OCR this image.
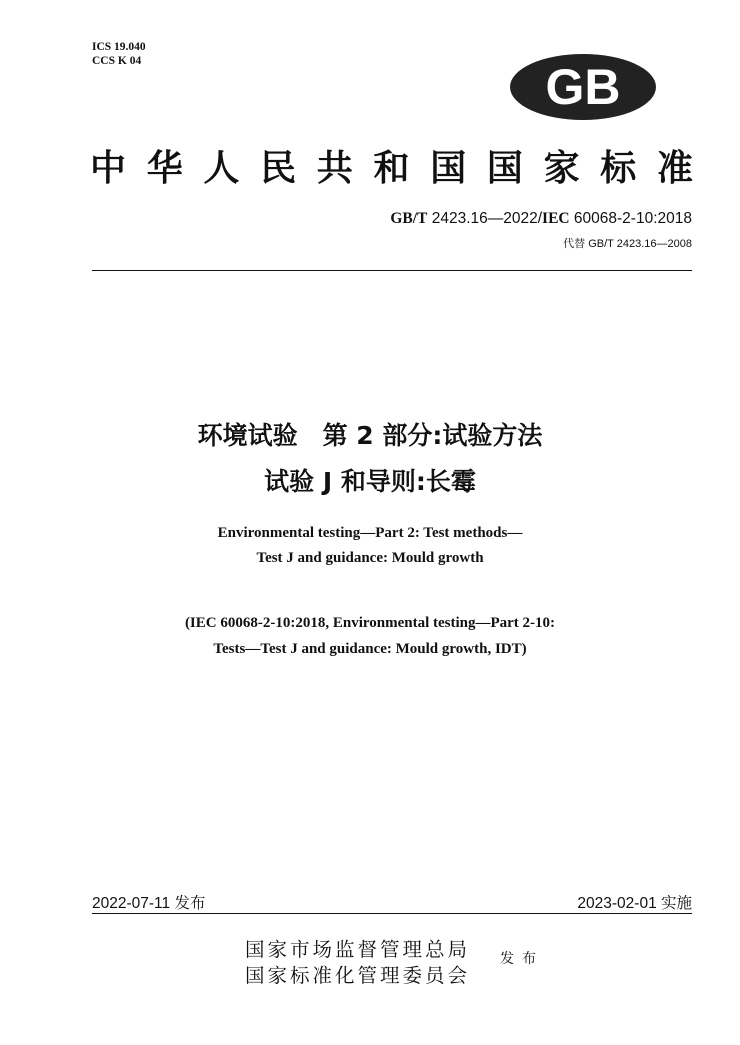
ICS 19.040
CCS K 04	GB
中华人民共和国国家标准
GB/T 2423.16—2022/IEC 60068-2-10:2018
代替 GB/T 2423.16—2008
环境试验　第 2 部分:试验方法
试验 J 和导则:长霉
Environmental testing—Part 2: Test methods—
Test J and guidance: Mould growth
(IEC 60068-2-10:2018, Environmental testing—Part 2-10:
Tests—Test J and guidance: Mould growth, IDT)
2022-07-11 发布	2023-02-01 实施
国家市场监督管理总局
国家标准化管理委员会
发布
